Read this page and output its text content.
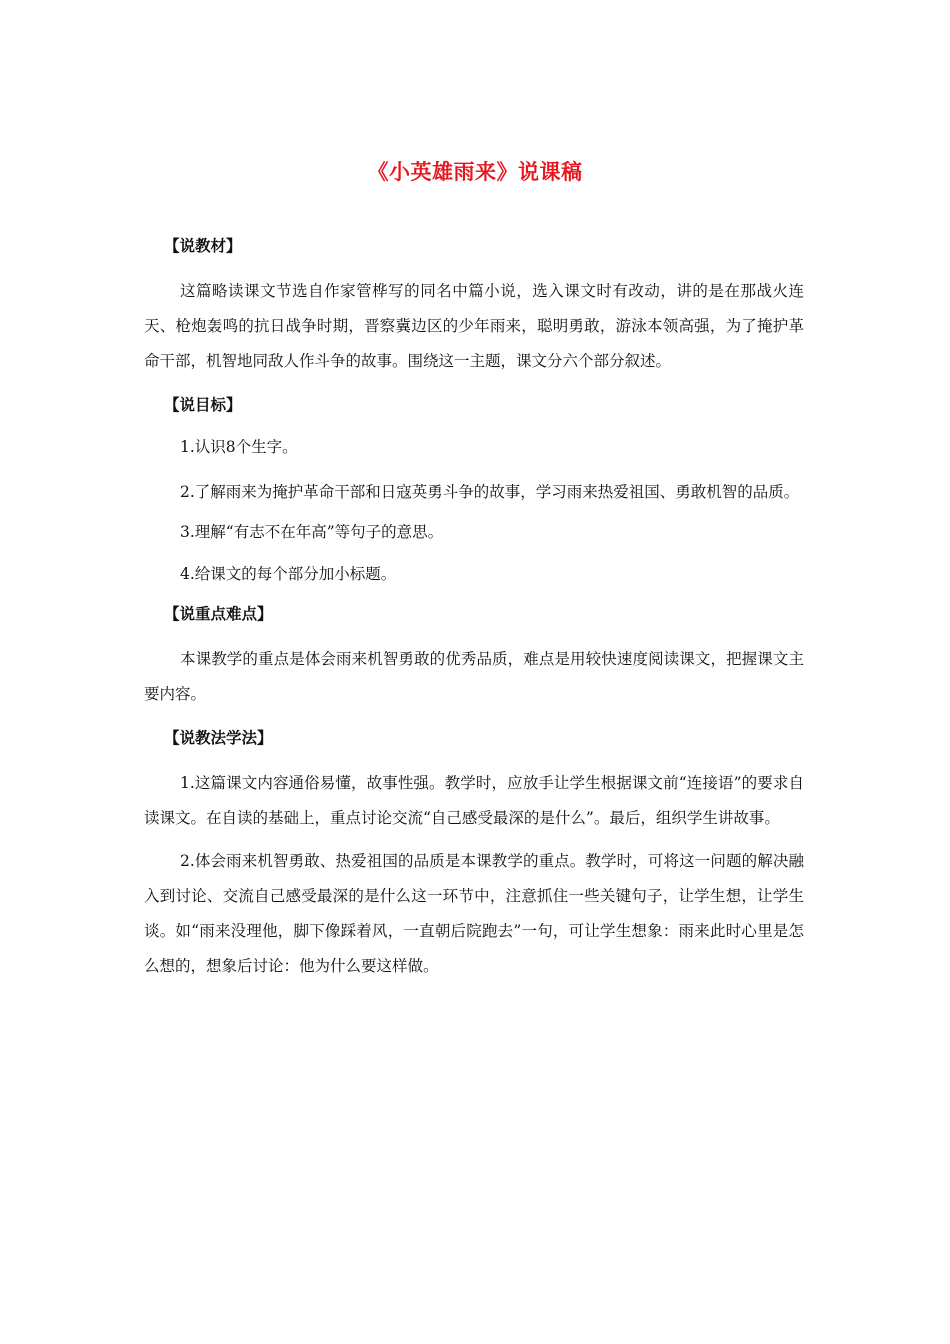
《小英雄雨来》说课稿
【说教材】

这篇略读课文节选自作家管桦写的同名中篇小说，选入课文时有改动，讲的是在那战火连天、枪炮轰鸣的抗日战争时期，晋察冀边区的少年雨来，聪明勇敢，游泳本领高强，为了掩护革命干部，机智地同敌人作斗争的故事。围绕这一主题，课文分六个部分叙述。

【说目标】

1.认识8个生字。

2.了解雨来为掩护革命干部和日寇英勇斗争的故事，学习雨来热爱祖国、勇敢机智的品质。

3.理解“有志不在年高”等句子的意思。

4.给课文的每个部分加小标题。

【说重点难点】

本课教学的重点是体会雨来机智勇敢的优秀品质，难点是用较快速度阅读课文，把握课文主要内容。

【说教法学法】

1.这篇课文内容通俗易懂，故事性强。教学时，应放手让学生根据课文前“连接语”的要求自读课文。在自读的基础上，重点讨论交流“自己感受最深的是什么”。最后，组织学生讲故事。

2.体会雨来机智勇敢、热爱祖国的品质是本课教学的重点。教学时，可将这一问题的解决融入到讨论、交流自己感受最深的是什么这一环节中，注意抓住一些关键句子，让学生想，让学生谈。如“雨来没理他，脚下像踩着风，一直朝后院跑去”一句，可让学生想象：雨来此时心里是怎么想的，想象后讨论：他为什么要这样做。
